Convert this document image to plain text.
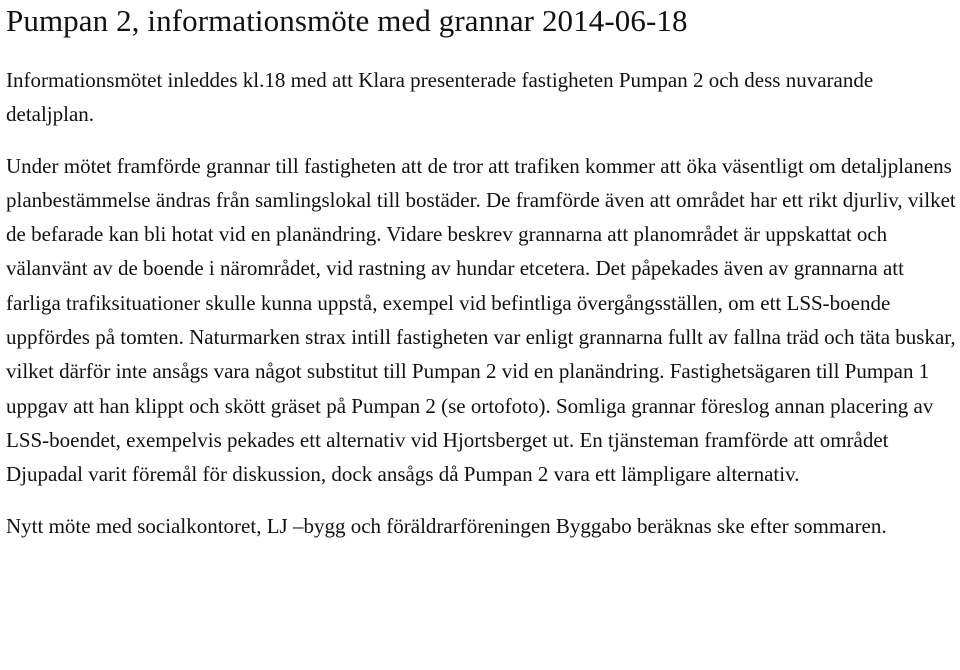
Pumpan 2, informationsmöte med grannar 2014-06-18

Informationsmötet inleddes kl.18 med att Klara presenterade fastigheten Pumpan 2 och dess nuvarande detaljplan.

Under mötet framförde grannar till fastigheten att de tror att trafiken kommer att öka väsentligt om detaljplanens planbestämmelse ändras från samlingslokal till bostäder. De framförde även att området har ett rikt djurliv, vilket de befarade kan bli hotat vid en planändring. Vidare beskrev grannarna att planområdet är uppskattat och välanvänt av de boende i närområdet, vid rastning av hundar etcetera. Det påpekades även av grannarna att farliga trafiksituationer skulle kunna uppstå, exempel vid befintliga övergångsställen, om ett LSS-boende uppfördes på tomten. Naturmarken strax intill fastigheten var enligt grannarna fullt av fallna träd och täta buskar, vilket därför inte ansågs vara något substitut till Pumpan 2 vid en planändring. Fastighetsägaren till Pumpan 1 uppgav att han klippt och skött gräset på Pumpan 2 (se ortofoto). Somliga grannar föreslog annan placering av LSS-boendet, exempelvis pekades ett alternativ vid Hjortsberget ut. En tjänsteman framförde att området Djupadal varit föremål för diskussion, dock ansågs då Pumpan 2 vara ett lämpligare alternativ.

Nytt möte med socialkontoret, LJ –bygg och föräldrarföreningen Byggabo beräknas ske efter sommaren.
